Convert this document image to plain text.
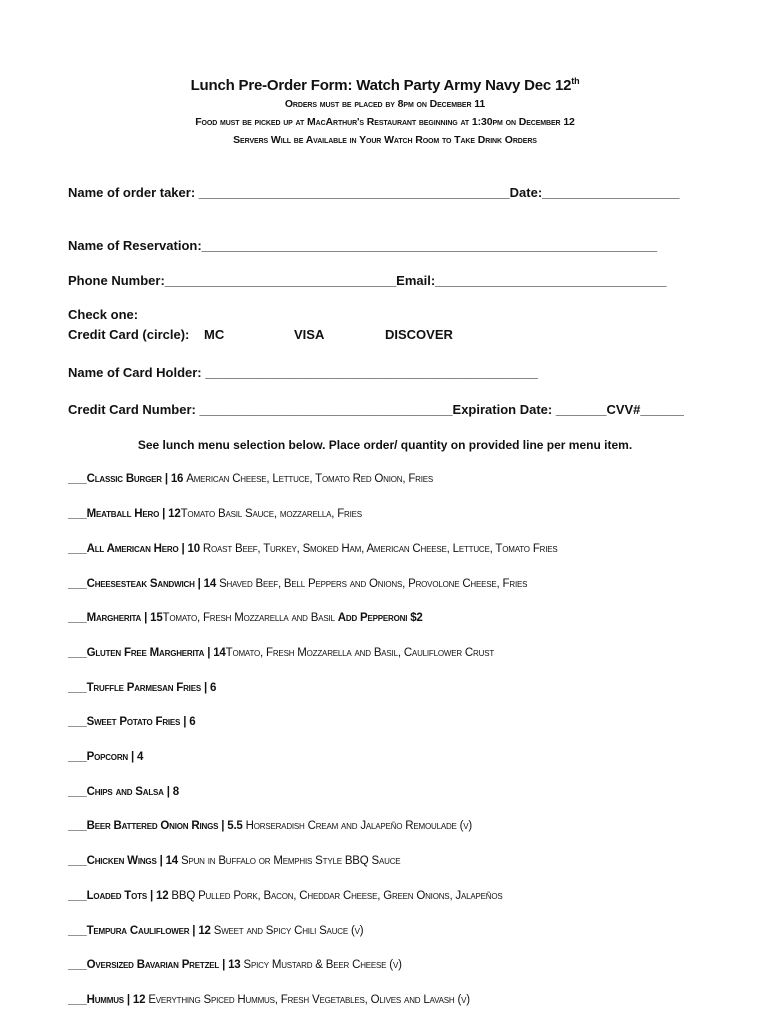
Lunch Pre-Order Form: Watch Party Army Navy Dec 12th
Orders must be placed by 8pm on December 11
Food must be picked up at MacArthur's Restaurant beginning at 1:30pm on December 12
Servers Will be Available in Your Watch Room to Take Drink Orders
Name of order taker: ___________________________________________Date:___________________
Name of Reservation:_______________________________________________________________
Phone Number:________________________________Email:________________________________
Check one:
Credit Card (circle): MC	VISA	DISCOVER
Name of Card Holder: ______________________________________________
Credit Card Number: ___________________________________Expiration Date: _______CVV#______
See lunch menu selection below. Place order/ quantity on provided line per menu item.
___Classic Burger | 16 American Cheese, Lettuce, Tomato Red Onion, Fries
___Meatball Hero | 12Tomato Basil Sauce, mozzarella, Fries
___All American Hero | 10 Roast Beef, Turkey, Smoked Ham, American Cheese, Lettuce, Tomato Fries
___Cheesesteak Sandwich | 14 Shaved Beef, Bell Peppers and Onions, Provolone Cheese, Fries
___Margherita | 15Tomato, Fresh Mozzarella and Basil Add Pepperoni $2
___Gluten Free Margherita | 14Tomato, Fresh Mozzarella and Basil, Cauliflower Crust
___Truffle Parmesan Fries | 6
___Sweet Potato Fries | 6
___Popcorn | 4
___Chips and Salsa | 8
___Beer Battered Onion Rings | 5.5 Horseradish Cream and Jalapeño Remoulade (v)
___Chicken Wings | 14 Spun in Buffalo or Memphis Style BBQ Sauce
___Loaded Tots | 12 BBQ Pulled Pork, Bacon, Cheddar Cheese, Green Onions, Jalapeños
___Tempura Cauliflower | 12 Sweet and Spicy Chili Sauce (v)
___Oversized Bavarian Pretzel | 13 Spicy Mustard & Beer Cheese (v)
___Hummus | 12 Everything Spiced Hummus, Fresh Vegetables, Olives and Lavash (v)
